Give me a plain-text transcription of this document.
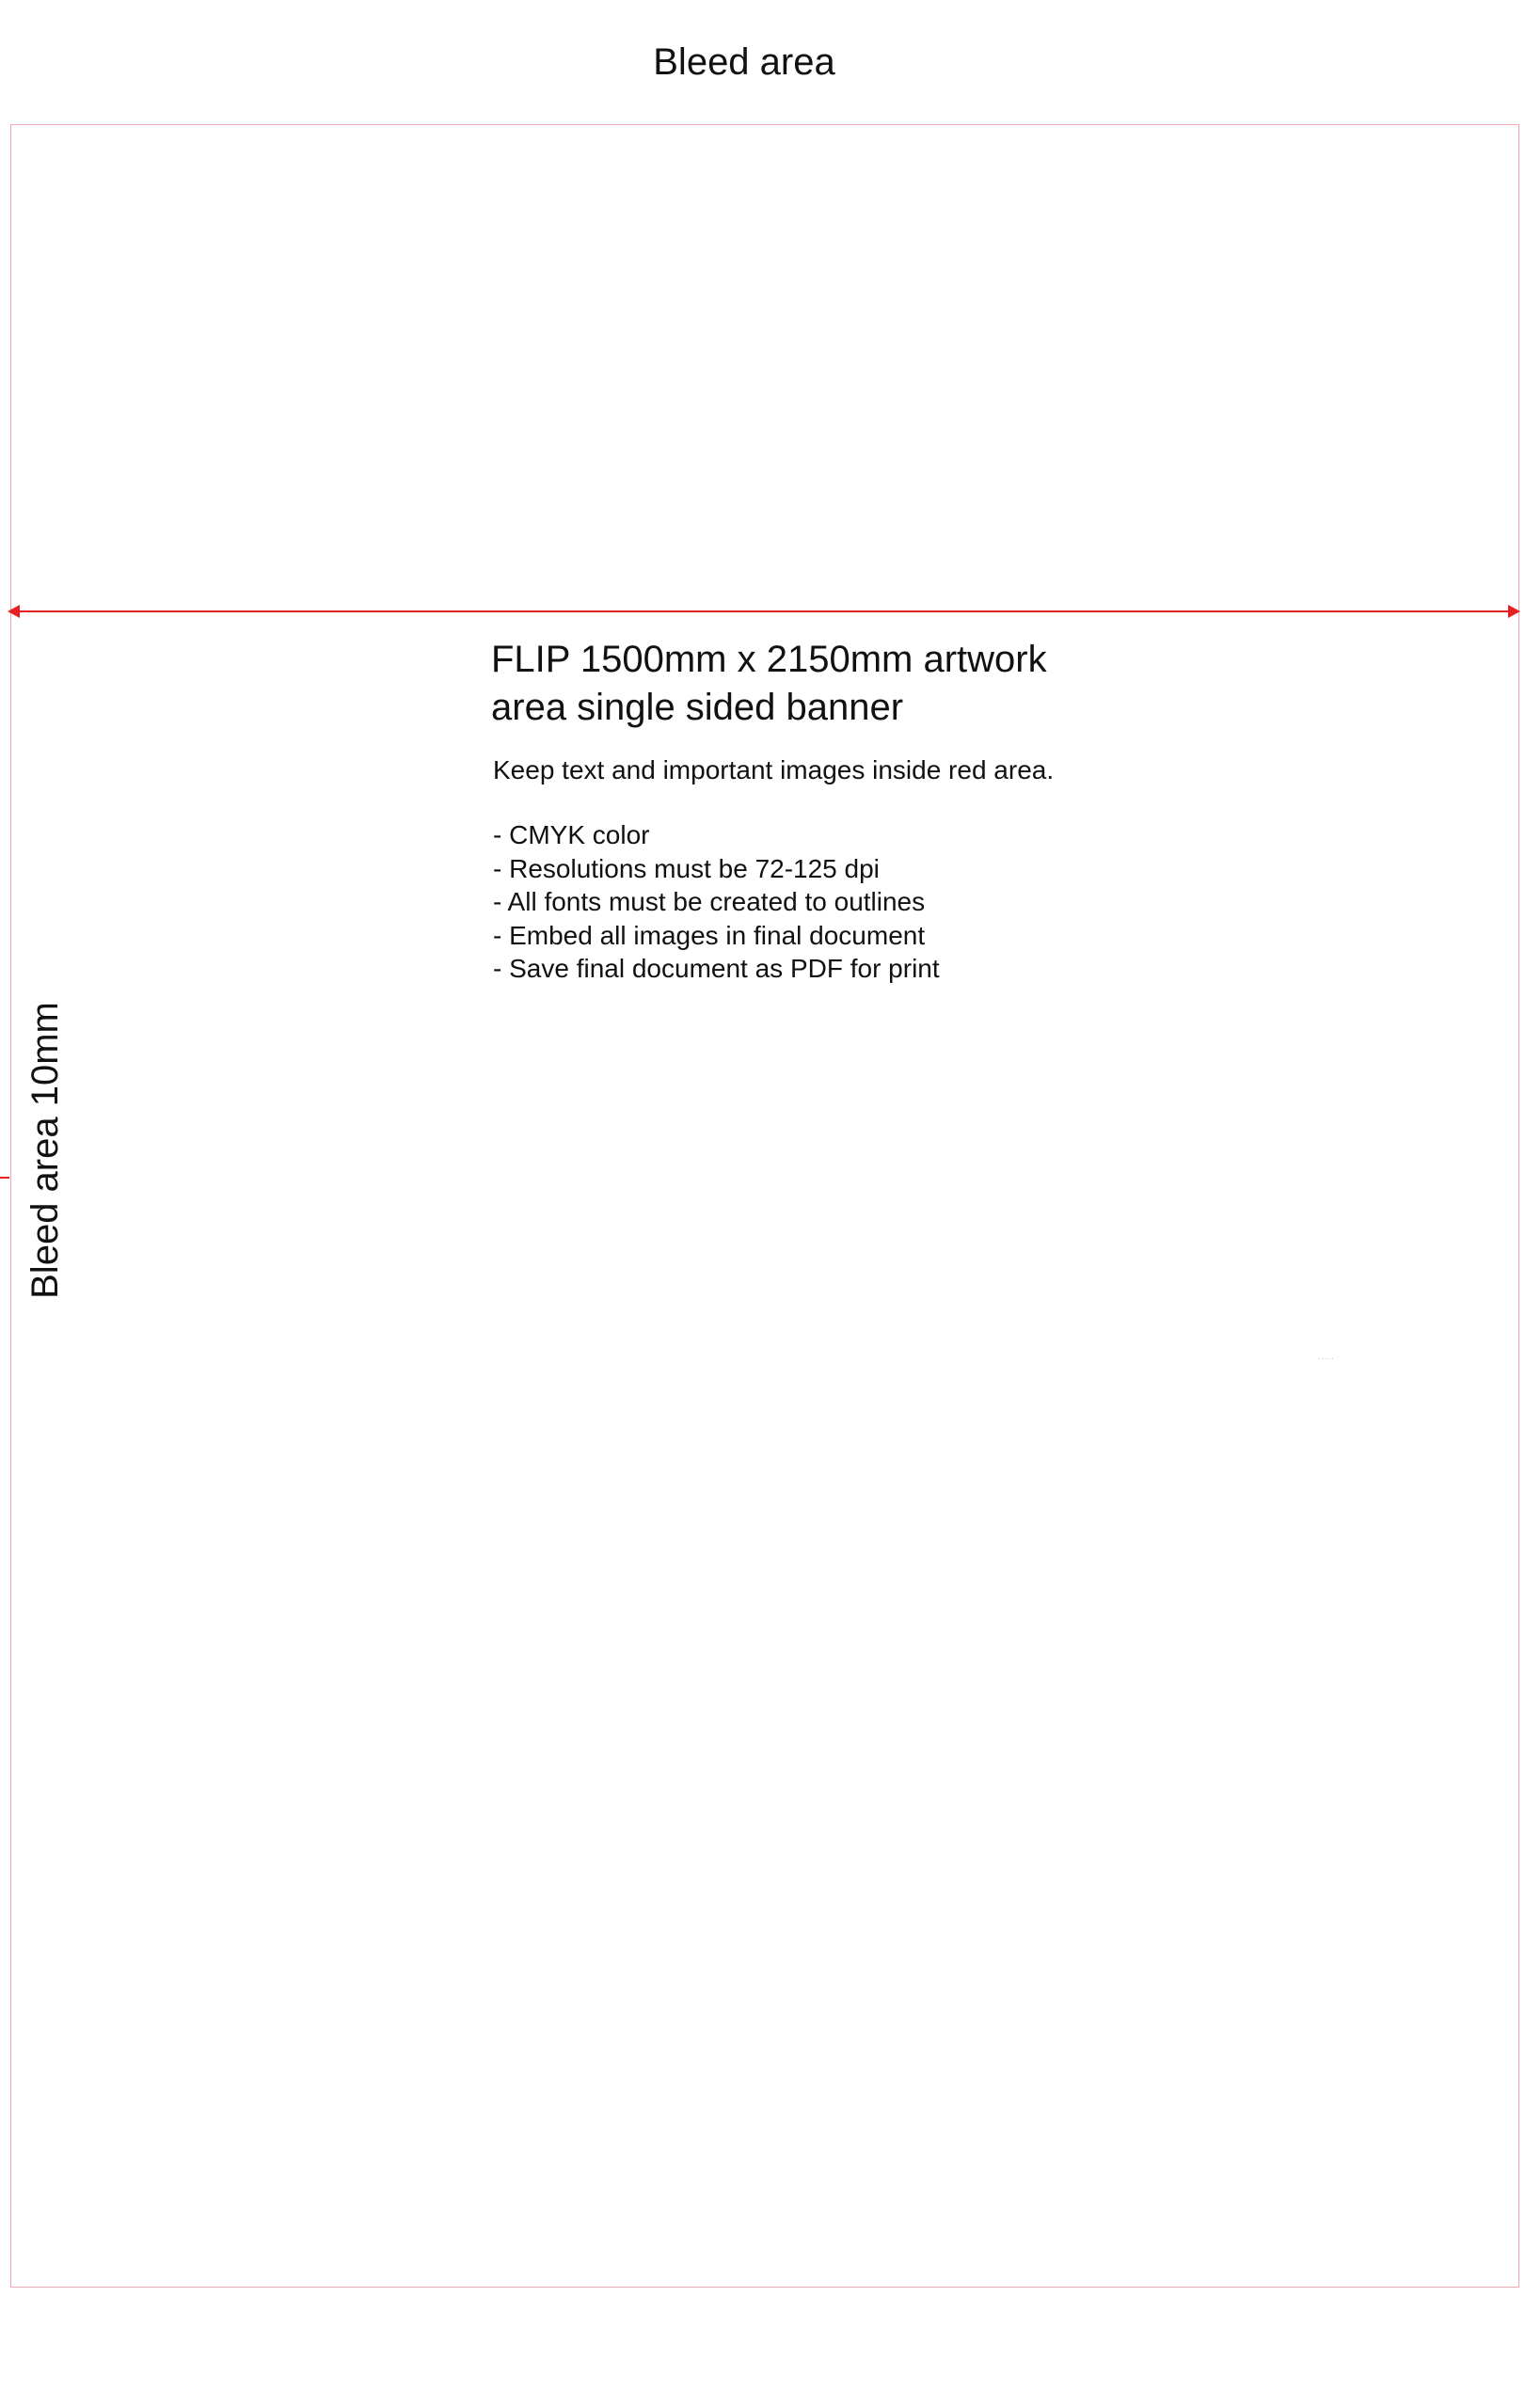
Bleed area
Bleed area 10mm
FLIP 1500mm x 2150mm artwork area single sided banner

Keep text and important images inside red area.

- CMYK color
- Resolutions must be 72-125 dpi
- All fonts must be created to outlines
- Embed all images in final document
- Save final document as PDF for print
· · · · ·
